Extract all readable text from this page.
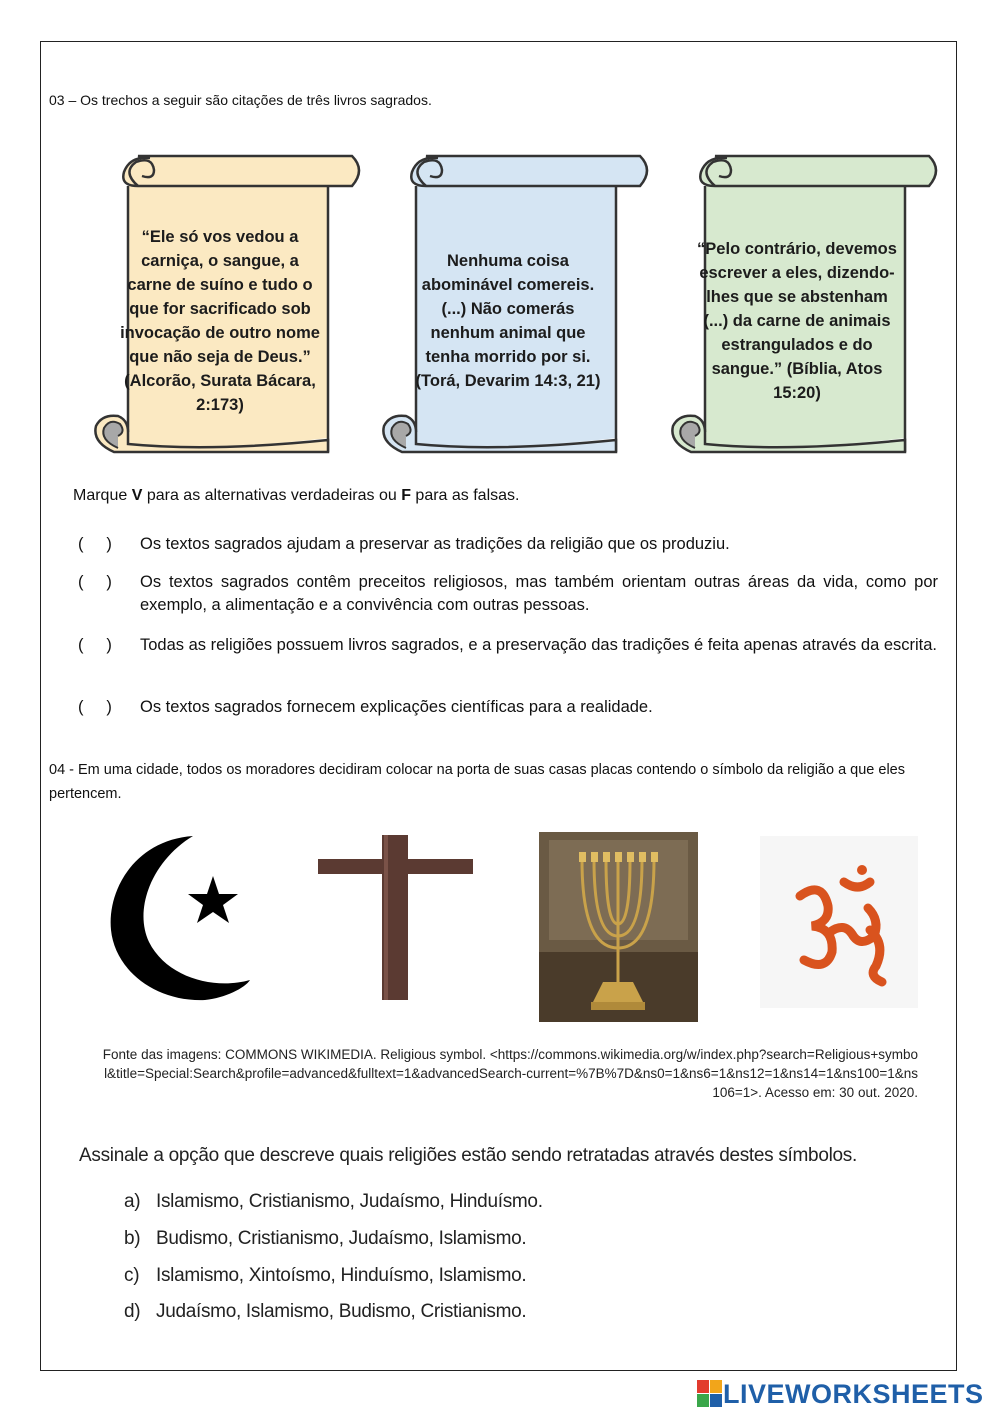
03 – Os trechos a seguir são citações de três livros sagrados.
“Ele só vos vedou a carniça, o sangue, a carne de suíno e tudo o que for sacrificado sob invocação de outro nome que não seja de Deus.” (Alcorão, Surata Bácara, 2:173)
Nenhuma coisa abominável comereis. (...) Não comerás nenhum animal que tenha morrido por si. (Torá, Devarim 14:3, 21)
“Pelo contrário, devemos escrever a eles, dizendo-lhes que se abstenham (...) da carne de animais estrangulados e do sangue.” (Bíblia, Atos 15:20)
Marque V para as alternativas verdadeiras ou F para as falsas.
(     )	Os textos sagrados ajudam a preservar as tradições da religião que os produziu.
(     )	Os textos sagrados contêm preceitos religiosos, mas também orientam outras áreas da vida, como por exemplo, a alimentação e a convivência com outras pessoas.
(     )	Todas as religiões possuem livros sagrados, e a preservação das tradições é feita apenas através da escrita.
(     )	Os textos sagrados fornecem explicações científicas para a realidade.
04 - Em uma cidade, todos os moradores decidiram colocar na porta de suas casas placas contendo o símbolo da religião a que eles pertencem.
Fonte das imagens: COMMONS WIKIMEDIA. Religious symbol. <https://commons.wikimedia.org/w/index.php?search=Religious+symbol&title=Special:Search&profile=advanced&fulltext=1&advancedSearch-current=%7B%7D&ns0=1&ns6=1&ns12=1&ns14=1&ns100=1&ns106=1>. Acesso em: 30 out. 2020.
Assinale a opção que descreve quais religiões estão sendo retratadas através destes símbolos.
a) Islamismo, Cristianismo, Judaísmo, Hinduísmo.
b) Budismo, Cristianismo, Judaísmo, Islamismo.
c) Islamismo, Xintoísmo, Hinduísmo, Islamismo.
d) Judaísmo, Islamismo, Budismo, Cristianismo.
LIVEWORKSHEETS
